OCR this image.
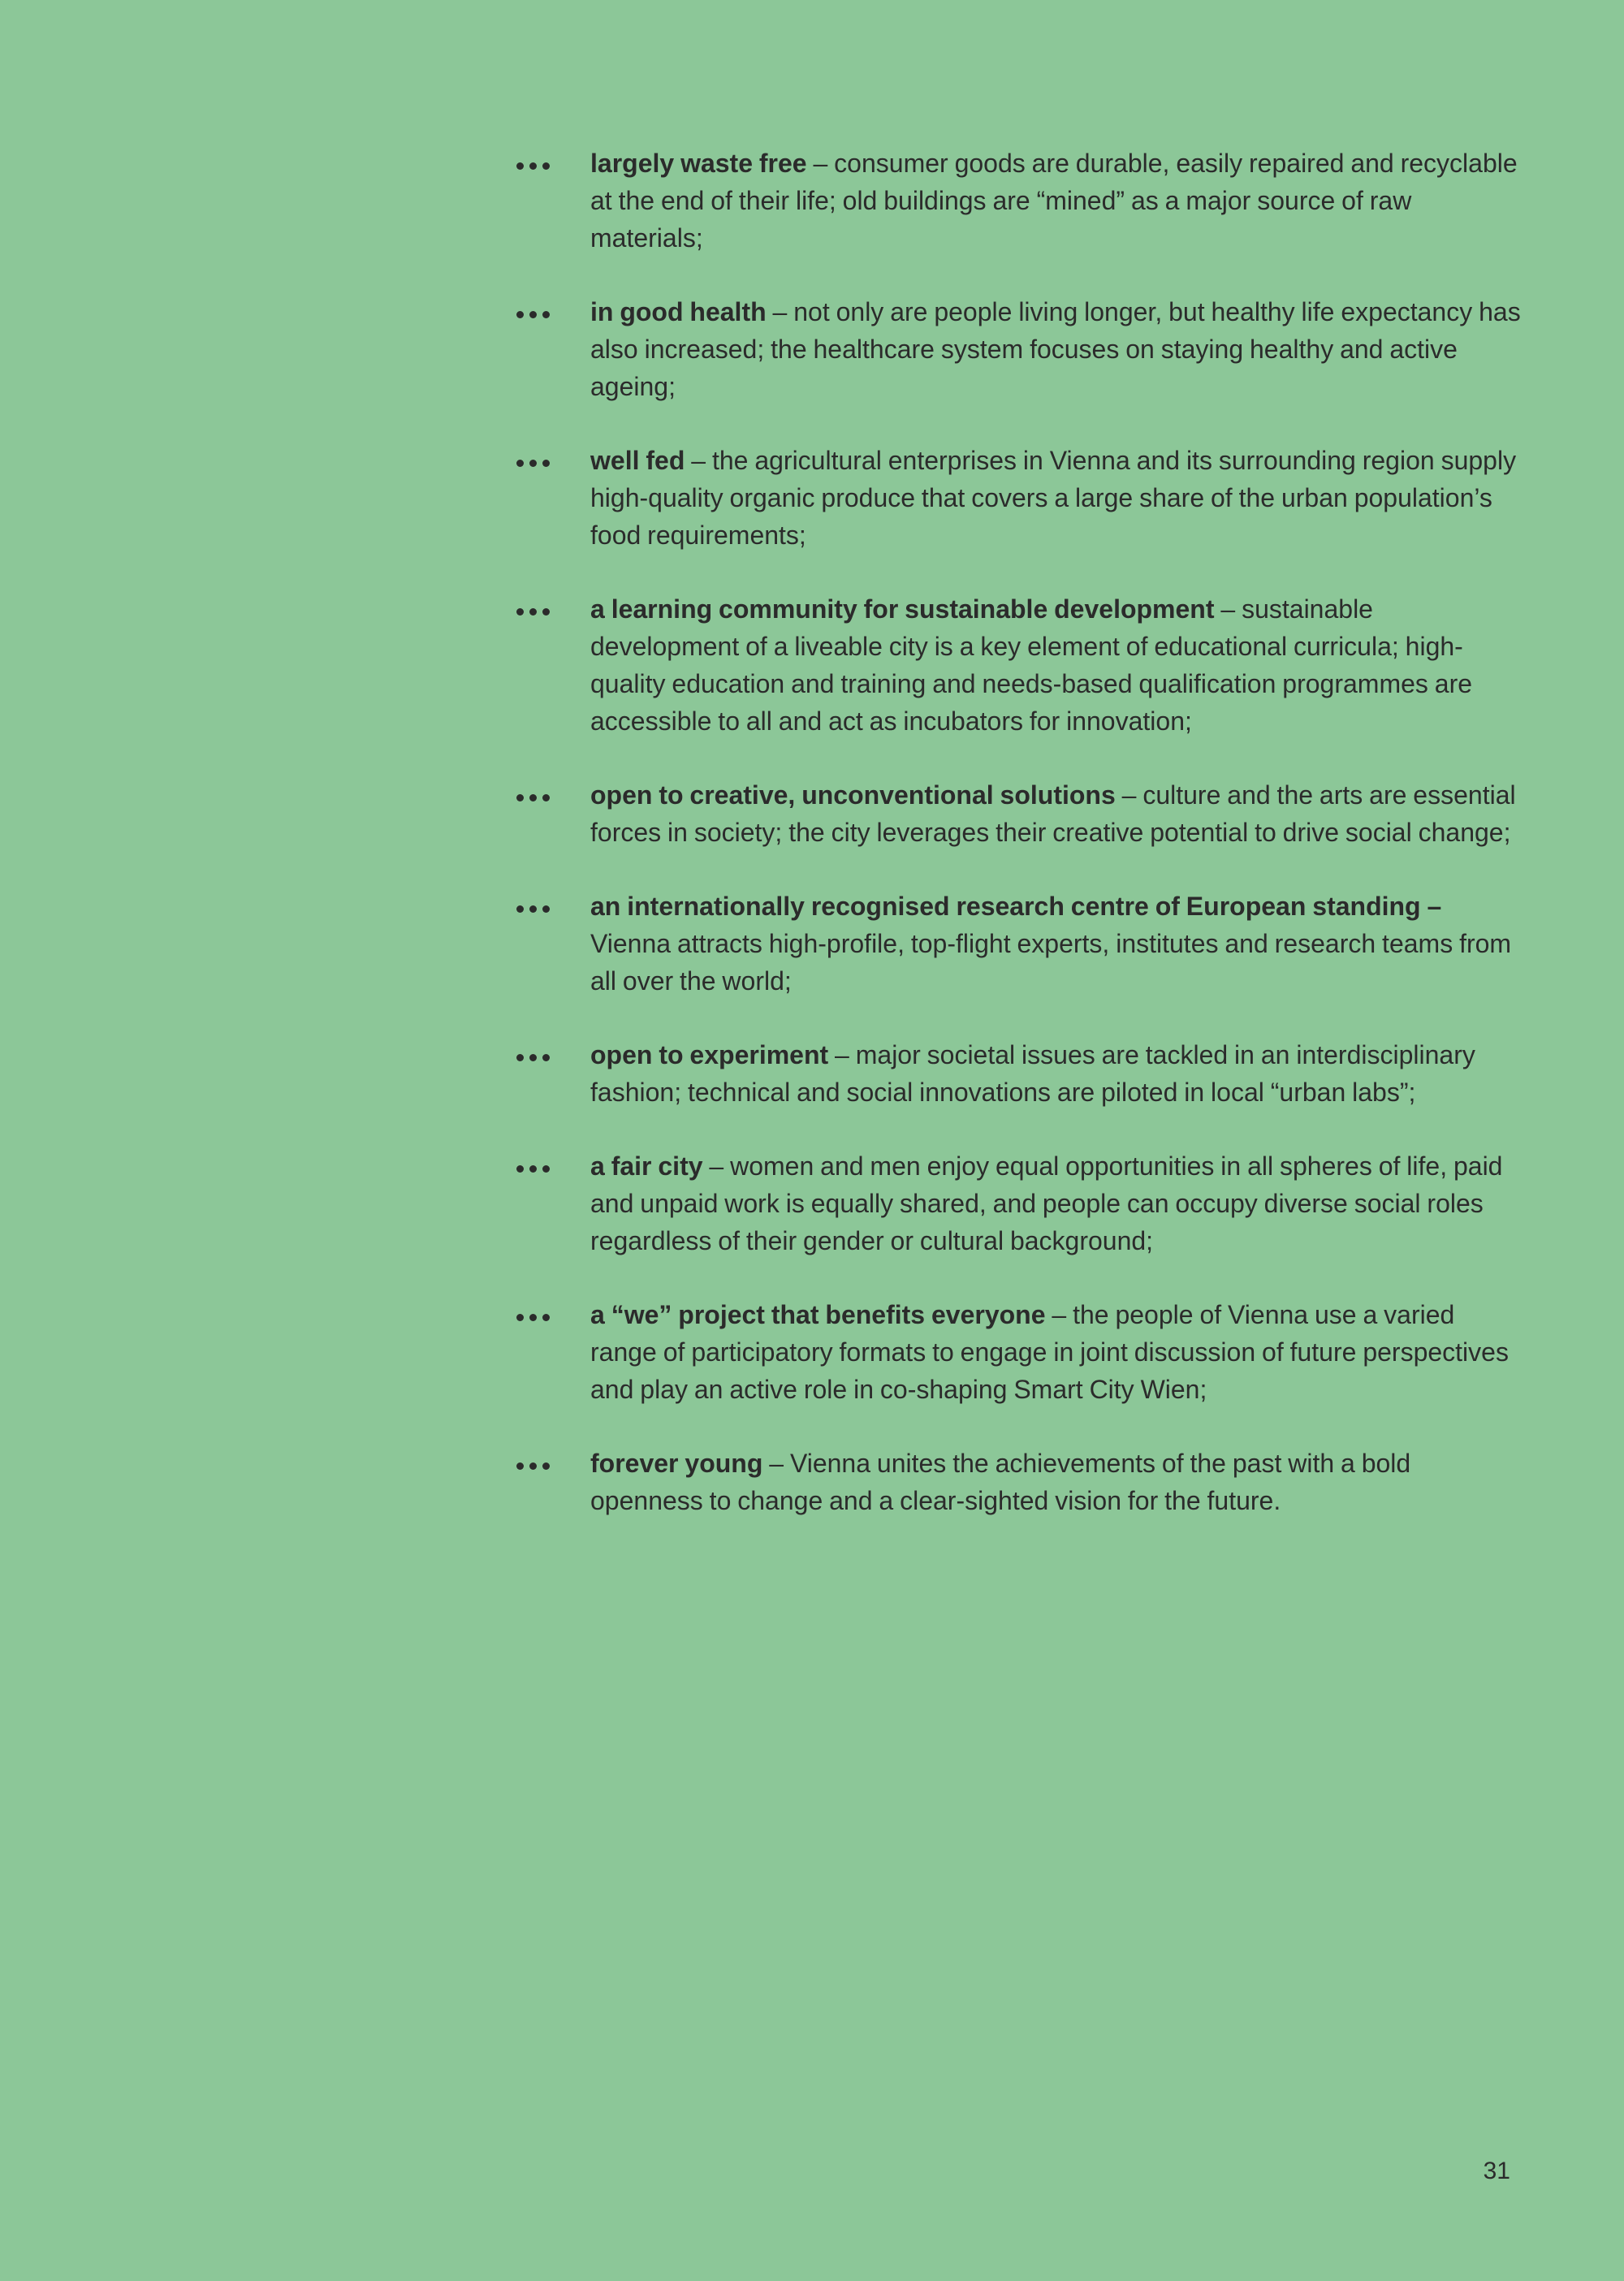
largely waste free – consumer goods are durable, easily repaired and recyclable at the end of their life; old buildings are “mined” as a major source of raw materials;
in good health – not only are people living longer, but healthy life expectancy has also increased; the healthcare system focuses on staying healthy and active ageing;
well fed – the agricultural enterprises in Vienna and its surrounding region supply high-quality organic produce that covers a large share of the urban population’s food requirements;
a learning community for sustainable development – sustainable development of a liveable city is a key element of educational curricula; high-quality education and training and needs-based qualification programmes are accessible to all and act as incubators for innovation;
open to creative, unconventional solutions – culture and the arts are essential forces in society; the city leverages their creative potential to drive social change;
an internationally recognised research centre of European standing – Vienna attracts high-profile, top-flight experts, institutes and research teams from all over the world;
open to experiment – major societal issues are tackled in an interdisciplinary fashion; technical and social innovations are piloted in local “urban labs”;
a fair city – women and men enjoy equal opportunities in all spheres of life, paid and unpaid work is equally shared, and people can occupy diverse social roles regardless of their gender or cultural background;
a “we” project that benefits everyone – the people of Vienna use a varied range of participatory formats to engage in joint discussion of future perspectives and play an active role in co-shaping Smart City Wien;
forever young – Vienna unites the achievements of the past with a bold openness to change and a clear-sighted vision for the future.
31
